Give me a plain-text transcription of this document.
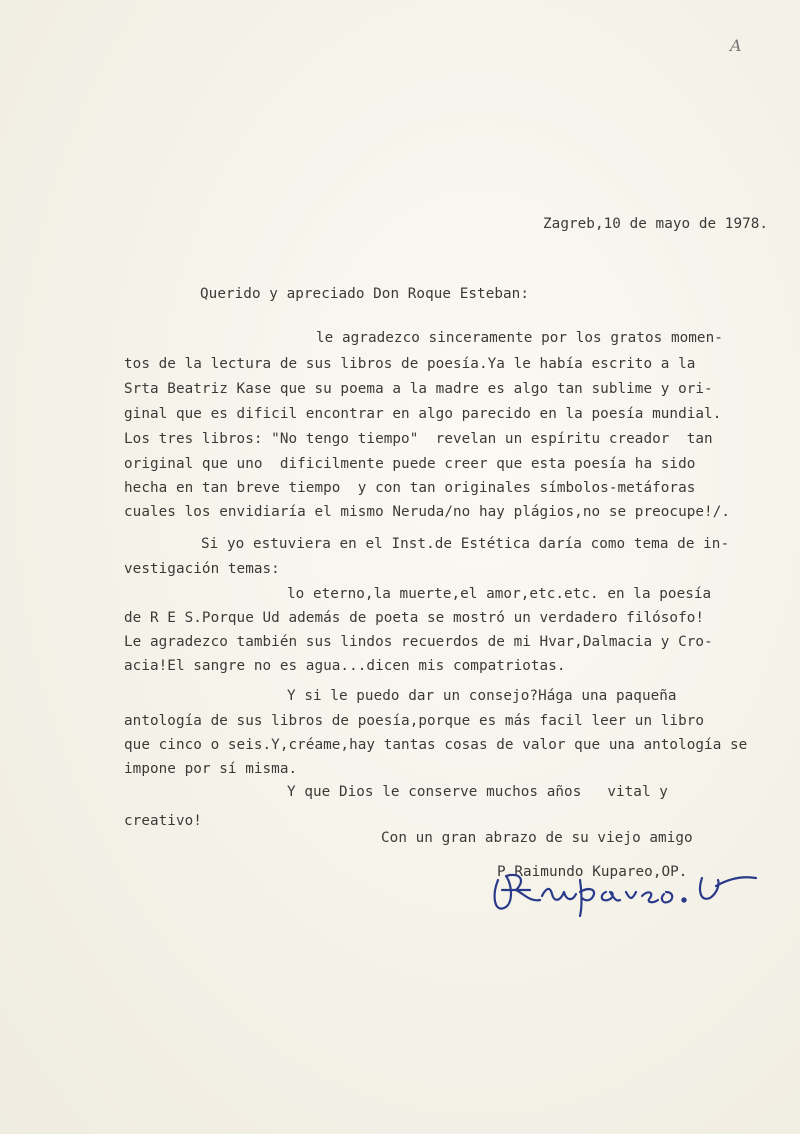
A
Zagreb,10 de mayo de 1978.
Querido y apreciado Don Roque Esteban:
le agradezco sinceramente por los gratos momen-
tos de la lectura de sus libros de poesía.Ya le había escrito a la
Srta Beatriz Kase que su poema a la madre es algo tan sublime y ori-
ginal que es dificil encontrar en algo parecido en la poesía mundial.
Los tres libros: "No tengo tiempo"  revelan un espíritu creador  tan
original que uno  dificilmente puede creer que esta poesía ha sido
hecha en tan breve tiempo  y con tan originales símbolos-metáforas
cuales los envidiaría el mismo Neruda/no hay plágios,no se preocupe!/.
Si yo estuviera en el Inst.de Estética daría como tema de in-
vestigación temas:
lo eterno,la muerte,el amor,etc.etc. en la poesía
de R E S.Porque Ud además de poeta se mostró un verdadero filósofo!
Le agradezco también sus lindos recuerdos de mi Hvar,Dalmacia y Cro-
acia!El sangre no es agua...dicen mis compatriotas.
Y si le puedo dar un consejo?Hága una paqueña
antología de sus libros de poesía,porque es más facil leer un libro
que cinco o seis.Y,créame,hay tantas cosas de valor que una antología se
impone por sí misma.
Y que Dios le conserve muchos años   vital y
creativo!
Con un gran abrazo de su viejo amigo
P.Raimundo Kupareo,OP.
